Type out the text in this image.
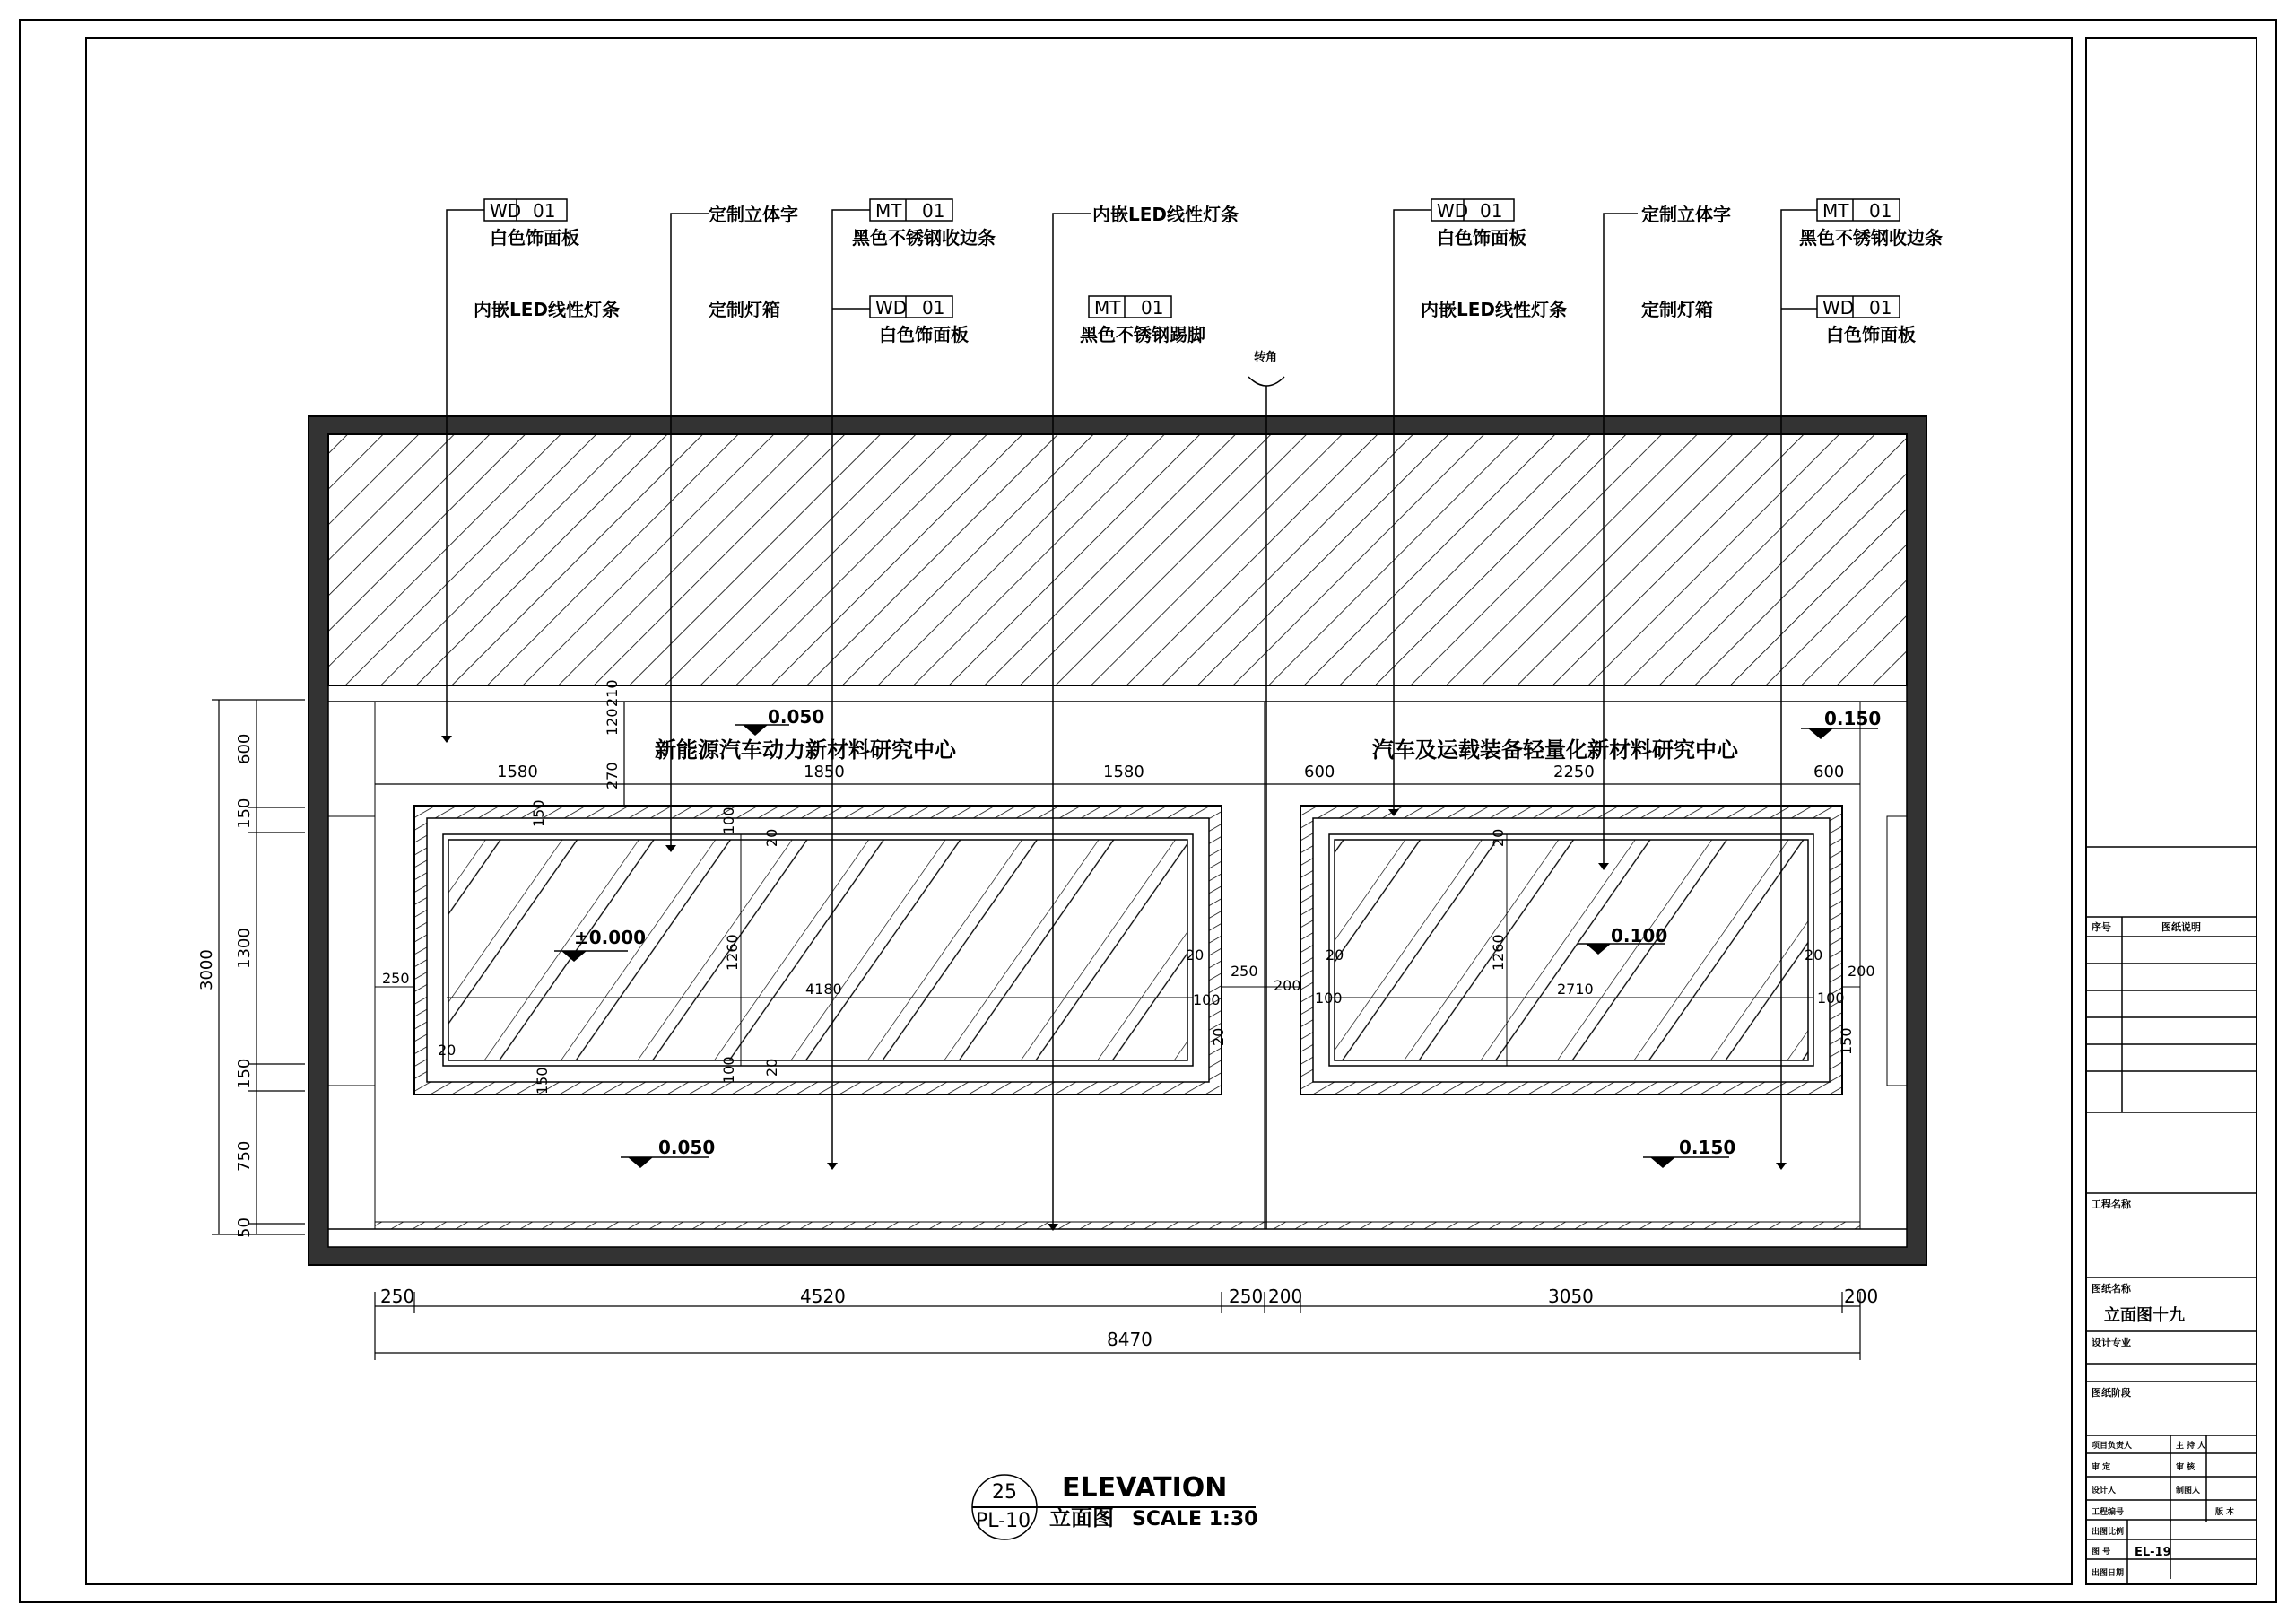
WD 01
白色饰面板
内嵌LED线性灯条
定制立体字
定制灯箱
MT 01
黑色不锈钢收边条
WD 01
白色饰面板
内嵌LED线性灯条
MT 01
黑色不锈钢踢脚
WD 01
白色饰面板
内嵌LED线性灯条
定制立体字
定制灯箱
MT 01
黑色不锈钢收边条
WD 01
白色饰面板
转角
新能源汽车动力新材料研究中心	汽车及运载装备轻量化新材料研究中心
0.050
±0.000
0.050
0.150
0.100
0.150
600
150
1300
150
750
50
3000
120
210
270
1580	1850	1580	600	2250	600
150	100
20
1260
4180
250
20
100 20
150
20
100
20
250
200
20
100
20
1260
2710
20
100
200
150
250	4520	250 200	3050	200
8470
25
PL-10
ELEVATION
立面图 SCALE 1:30
序号	图纸说明
工程名称
图纸名称
立面图十九
设计专业
图纸阶段
项目负责人	主 持 人
审 定	审 核
设计人	制图人
工程编号	版 本
出图比例
图 号 EL-19
出图日期
